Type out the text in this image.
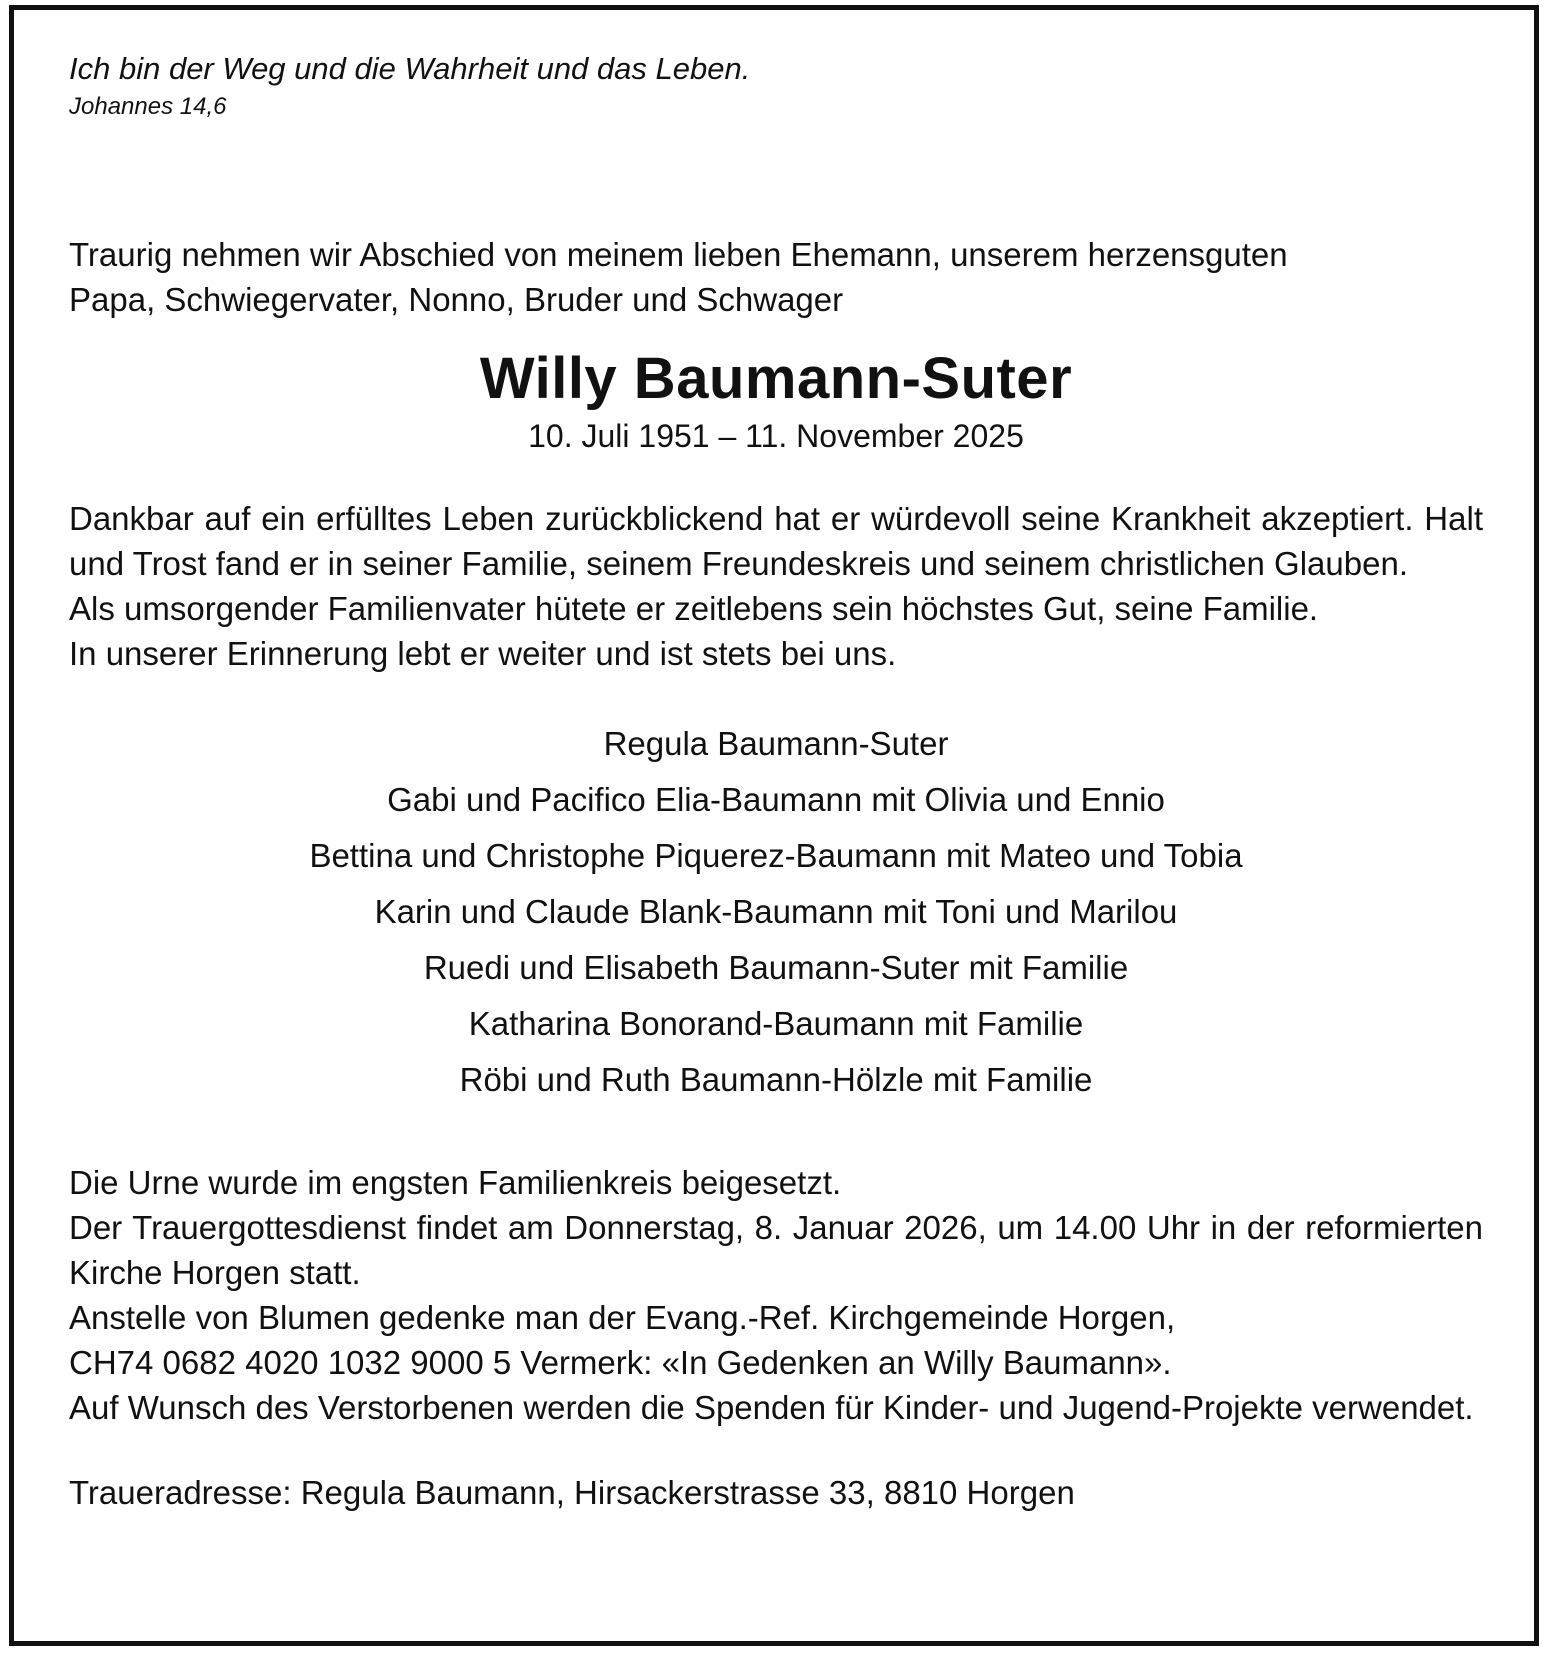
Ich bin der Weg und die Wahrheit und das Leben.

Johannes 14,6

Traurig nehmen wir Abschied von meinem lieben Ehemann, unserem herzensguten
Papa, Schwiegervater, Nonno, Bruder und Schwager
Willy Baumann-Suter
10. Juli 1951 – 11. November 2025

Dankbar auf ein erfülltes Leben zurückblickend hat er würdevoll seine Krankheit akzeptiert. Halt und Trost fand er in seiner Familie, seinem Freundeskreis und seinem christlichen Glauben.

Als umsorgender Familienvater hütete er zeitlebens sein höchstes Gut, seine Familie.

In unserer Erinnerung lebt er weiter und ist stets bei uns.

Regula Baumann-Suter
Gabi und Pacifico Elia-Baumann mit Olivia und Ennio
Bettina und Christophe Piquerez-Baumann mit Mateo und Tobia
Karin und Claude Blank-Baumann mit Toni und Marilou
Ruedi und Elisabeth Baumann-Suter mit Familie
Katharina Bonorand-Baumann mit Familie
Röbi und Ruth Baumann-Hölzle mit Familie

Die Urne wurde im engsten Familienkreis beigesetzt.

Der Trauergottesdienst findet am Donnerstag, 8. Januar 2026, um 14.00 Uhr in der reformierten Kirche Horgen statt.

Anstelle von Blumen gedenke man der Evang.-Ref. Kirchgemeinde Horgen,

CH74 0682 4020 1032 9000 5 Vermerk: «In Gedenken an Willy Baumann».

Auf Wunsch des Verstorbenen werden die Spenden für Kinder- und Jugend-Projekte verwendet.

Traueradresse: Regula Baumann, Hirsackerstrasse 33, 8810 Horgen
